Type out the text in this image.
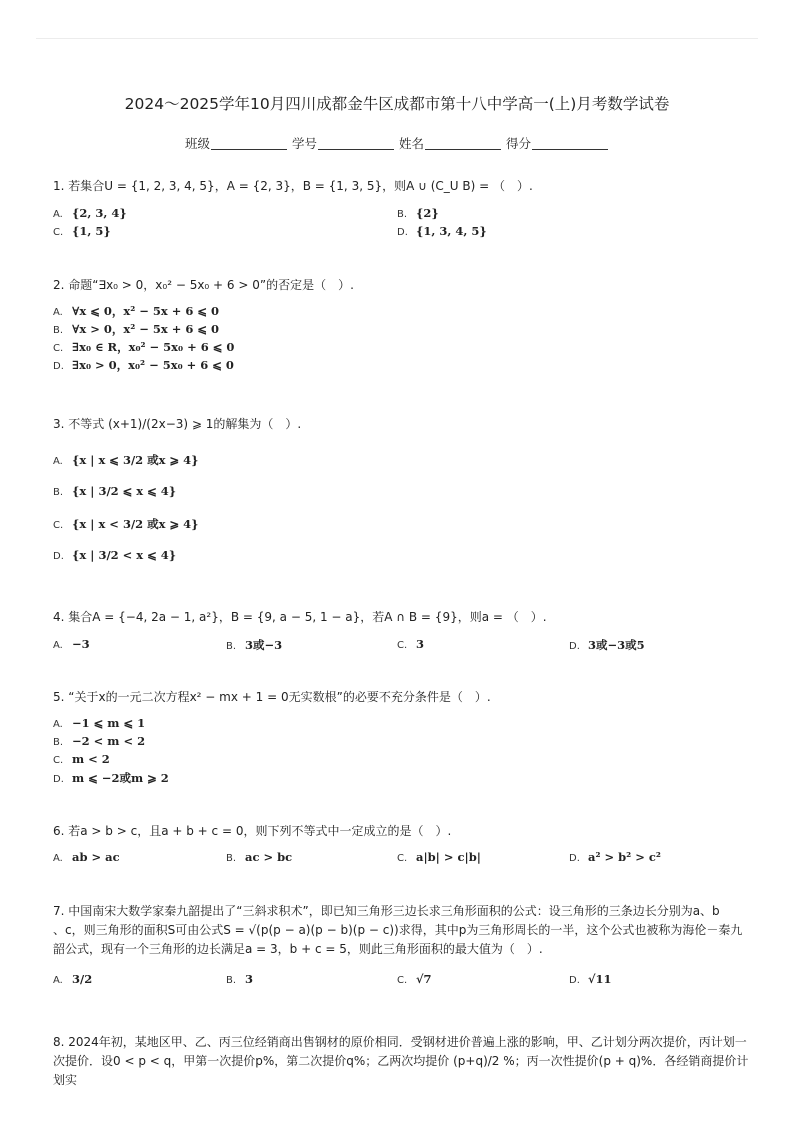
2024～2025学年10月四川成都金牛区成都市第十八中学高一(上)月考数学试卷
班级	学号	姓名	得分
1. 若集合U = {1, 2, 3, 4, 5}，A = {2, 3}，B = {1, 3, 5}，则A ∪ (C_U B) = （　）.
A. {2, 3, 4}	B. {2}
C. {1, 5}	D. {1, 3, 4, 5}
2. 命题“∃x₀ > 0，x₀² − 5x₀ + 6 > 0”的否定是（　）.
A. ∀x ⩽ 0，x² − 5x + 6 ⩽ 0
B. ∀x > 0，x² − 5x + 6 ⩽ 0
C. ∃x₀ ∈ R，x₀² − 5x₀ + 6 ⩽ 0
D. ∃x₀ > 0，x₀² − 5x₀ + 6 ⩽ 0
3. 不等式 (x+1)/(2x−3) ⩾ 1的解集为（　）.
A. {x | x ⩽ 3/2 或x ⩾ 4}
B. {x | 3/2 ⩽ x ⩽ 4}
C. {x | x < 3/2 或x ⩾ 4}
D. {x | 3/2 < x ⩽ 4}
4. 集合A = {−4, 2a − 1, a²}，B = {9, a − 5, 1 − a}，若A ∩ B = {9}，则a = （　）.
A. −3	B. 3或−3	C. 3	D. 3或−3或5
5. “关于x的一元二次方程x² − mx + 1 = 0无实数根”的必要不充分条件是（　）.
A. −1 ⩽ m ⩽ 1
B. −2 < m < 2
C. m < 2
D. m ⩽ −2或m ⩾ 2
6. 若a > b > c，且a + b + c = 0，则下列不等式中一定成立的是（　）.
A. ab > ac	B. ac > bc	C. a|b| > c|b|	D. a² > b² > c²
7. 中国南宋大数学家秦九韶提出了“三斜求积术”，即已知三角形三边长求三角形面积的公式：设三角形的三条边长分别为a、b
、c，则三角形的面积S可由公式S = √(p(p − a)(p − b)(p − c))求得，其中p为三角形周长的一半，这个公式也被称为海伦－秦九
韶公式，现有一个三角形的边长满足a = 3，b + c = 5，则此三角形面积的最大值为（　）.
A. 3/2	B. 3	C. √7	D. √11
8. 2024年初，某地区甲、乙、丙三位经销商出售钢材的原价相同．受钢材进价普遍上涨的影响，甲、乙计划分两次提价，丙计划一
次提价．设0 < p < q，甲第一次提价p%，第二次提价q%；乙两次均提价 (p+q)/2 %；丙一次性提价(p + q)%．各经销商提价计划实
